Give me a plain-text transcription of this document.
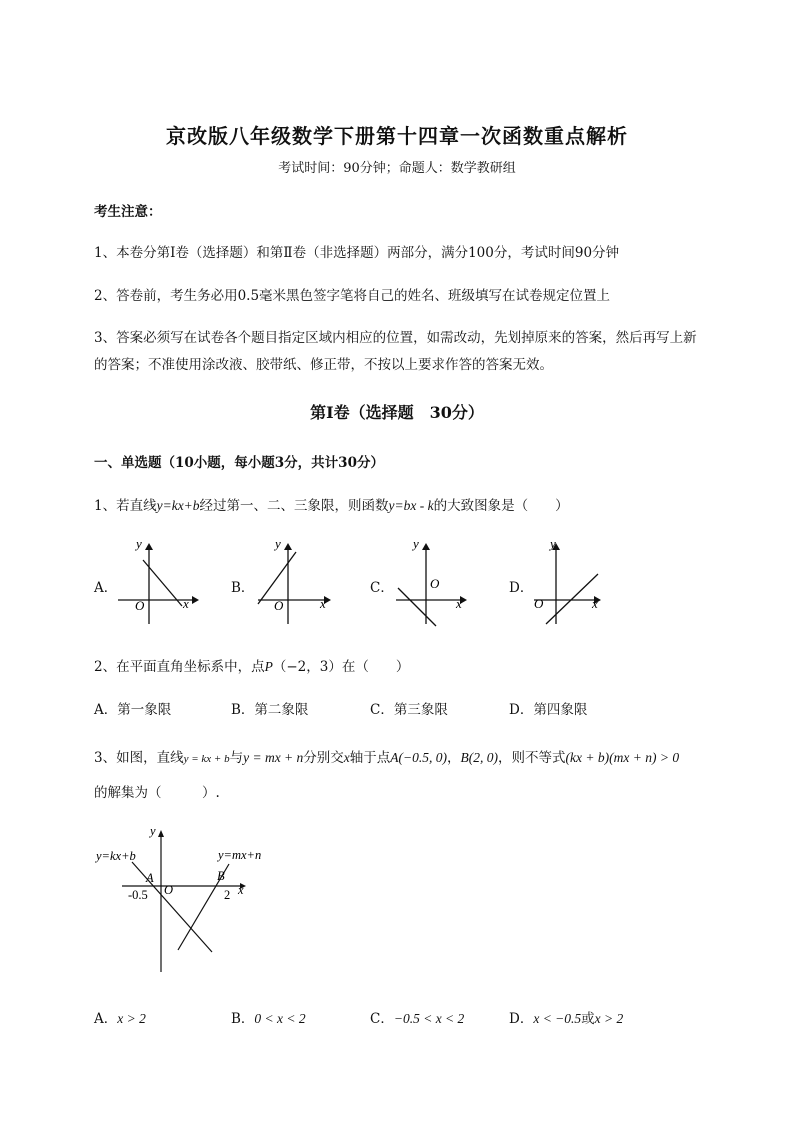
京改版八年级数学下册第十四章一次函数重点解析
考试时间：90分钟；命题人：数学教研组
考生注意：
1、本卷分第Ⅰ卷（选择题）和第Ⅱ卷（非选择题）两部分，满分100分，考试时间90分钟
2、答卷前，考生务必用0.5毫米黑色签字笔将自己的姓名、班级填写在试卷规定位置上
3、答案必须写在试卷各个题目指定区域内相应的位置，如需改动，先划掉原来的答案，然后再写上新
的答案；不准使用涂改液、胶带纸、修正带，不按以上要求作答的答案无效。
第Ⅰ卷（选择题　30分）
一、单选题（10小题，每小题3分，共计30分）
1、若直线y=kx+b经过第一、二、三象限，则函数y=bx - k的大致图象是（　　）
A．	B．	C．	D．
y
x
O
y
x
O
y
x
O
y
x
O
2、在平面直角坐标系中，点P（−2，3）在（　　）
A．第一象限	B．第二象限	C．第三象限	D．第四象限
3、如图，直线y = kx + b与y = mx + n分别交x轴于点A(−0.5, 0)，B(2, 0)，则不等式(kx + b)(mx + n) > 0
的解集为（　　　）.
y=kx+b	y=mx+n
A	B
O
-0.5	2 x
y
A．x > 2	B．0 < x < 2	C．−0.5 < x < 2	D．x < −0.5或x > 2
